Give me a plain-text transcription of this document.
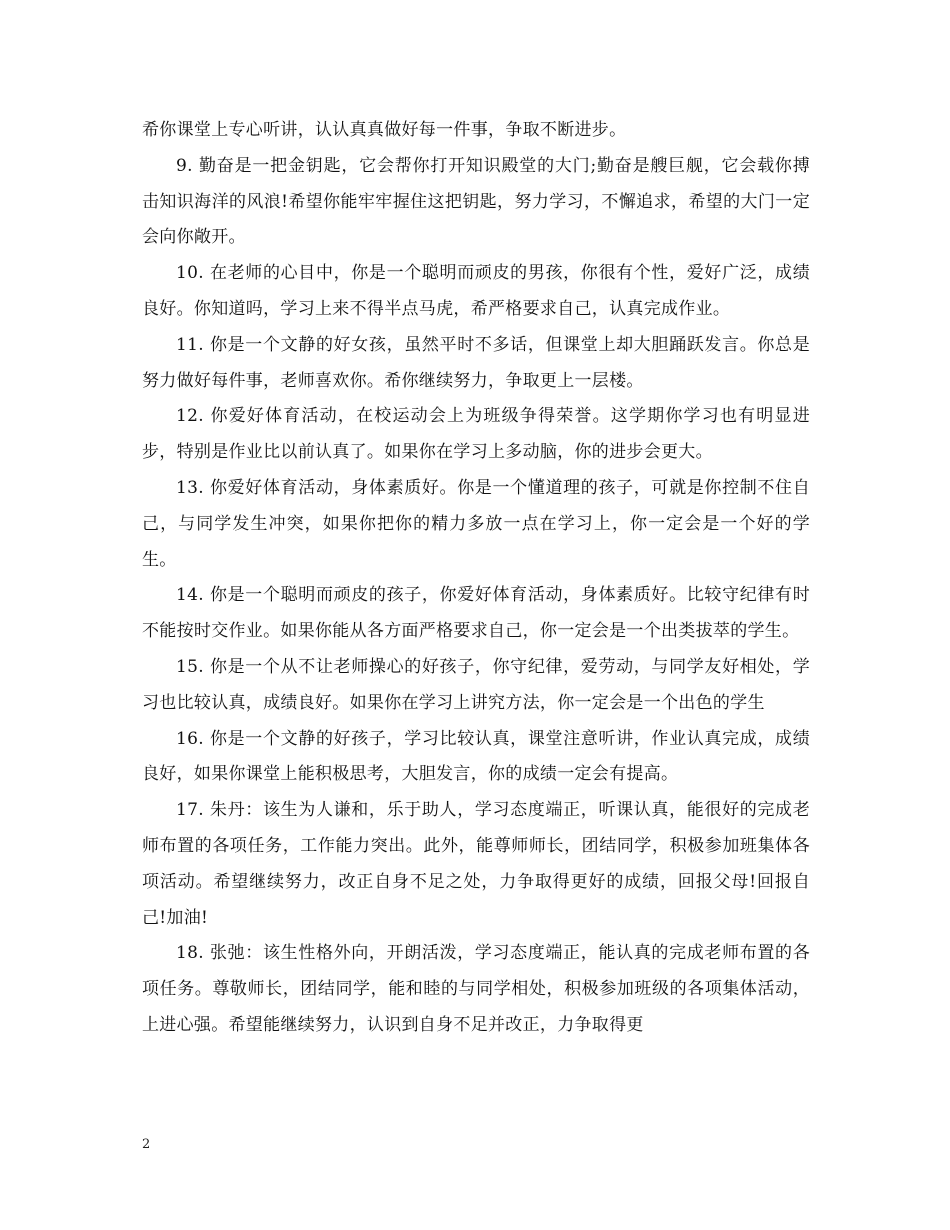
希你课堂上专心听讲，认认真真做好每一件事，争取不断进步。

9. 勤奋是一把金钥匙，它会帮你打开知识殿堂的大门;勤奋是艘巨舰，它会载你搏击知识海洋的风浪!希望你能牢牢握住这把钥匙，努力学习，不懈追求，希望的大门一定会向你敞开。

10. 在老师的心目中，你是一个聪明而顽皮的男孩，你很有个性，爱好广泛，成绩良好。你知道吗，学习上来不得半点马虎，希严格要求自己，认真完成作业。

11. 你是一个文静的好女孩，虽然平时不多话，但课堂上却大胆踊跃发言。你总是努力做好每件事，老师喜欢你。希你继续努力，争取更上一层楼。

12. 你爱好体育活动，在校运动会上为班级争得荣誉。这学期你学习也有明显进步，特别是作业比以前认真了。如果你在学习上多动脑，你的进步会更大。

13. 你爱好体育活动，身体素质好。你是一个懂道理的孩子，可就是你控制不住自己，与同学发生冲突，如果你把你的精力多放一点在学习上，你一定会是一个好的学生。

14. 你是一个聪明而顽皮的孩子，你爱好体育活动，身体素质好。比较守纪律有时不能按时交作业。如果你能从各方面严格要求自己，你一定会是一个出类拔萃的学生。

15. 你是一个从不让老师操心的好孩子，你守纪律，爱劳动，与同学友好相处，学习也比较认真，成绩良好。如果你在学习上讲究方法，你一定会是一个出色的学生

16. 你是一个文静的好孩子，学习比较认真，课堂注意听讲，作业认真完成，成绩良好，如果你课堂上能积极思考，大胆发言，你的成绩一定会有提高。

17. 朱丹：该生为人谦和，乐于助人，学习态度端正，听课认真，能很好的完成老师布置的各项任务，工作能力突出。此外，能尊师师长，团结同学，积极参加班集体各项活动。希望继续努力，改正自身不足之处，力争取得更好的成绩，回报父母!回报自己!加油!

18. 张弛：该生性格外向，开朗活泼，学习态度端正，能认真的完成老师布置的各项任务。尊敬师长，团结同学，能和睦的与同学相处，积极参加班级的各项集体活动，上进心强。希望能继续努力，认识到自身不足并改正，力争取得更

2
